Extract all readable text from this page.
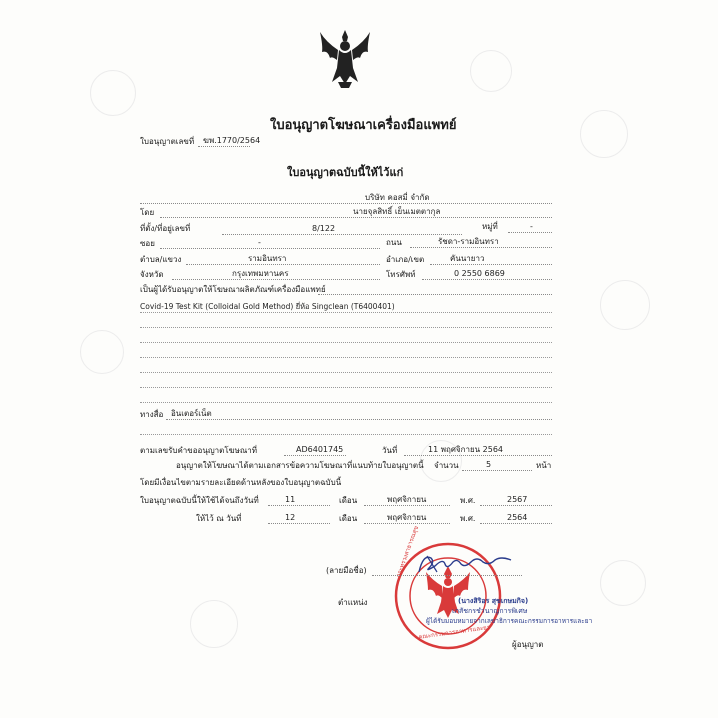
ใบอนุญาตโฆษณาเครื่องมือแพทย์
ใบอนุญาตเลขที่ ฆพ.1770/2564
ใบอนุญาตฉบับนี้ให้ไว้แก่
บริษัท คอสมี่ จำกัด
โดย	นายจุลสิทธิ์ เย็นเมตตากุล
ที่ตั้ง/ที่อยู่เลขที่	8/122	หมู่ที่	-
ซอย	-	ถนน	รัชดา-รามอินทรา
ตำบล/แขวง	รามอินทรา	อำเภอ/เขต	คันนายาว
จังหวัด	กรุงเทพมหานคร	โทรศัพท์	0 2550 6869
เป็นผู้ได้รับอนุญาตให้โฆษณาผลิตภัณฑ์เครื่องมือแพทย์
Covid-19 Test Kit (Colloidal Gold Method) ยี่ห้อ Singclean (T6400401)
ทางสื่อ อินเตอร์เน็ต
ตามเลขรับคำขออนุญาตโฆษณาที่	AD6401745	วันที่	11 พฤศจิกายน 2564
อนุญาตให้โฆษณาได้ตามเอกสารข้อความโฆษณาที่แนบท้ายใบอนุญาตนี้ จำนวน	5	หน้า
โดยมีเงื่อนไขตามรายละเอียดด้านหลังของใบอนุญาตฉบับนี้
ใบอนุญาตฉบับนี้ให้ใช้ได้จนถึงวันที่	11	เดือน	พฤศจิกายน	พ.ศ.	2567
ให้ไว้ ณ วันที่	12	เดือน	พฤศจิกายน	พ.ศ.	2564
กระทรวงสาธารณสุข
คณะกรรมการอาหารและยา
(ลายมือชื่อ)
ตำแหน่ง	(นางสิริอร สุขเกษมกิจ)
เภสัชกรชำนาญการพิเศษ
ผู้ได้รับมอบหมายจากเลขาธิการคณะกรรมการอาหารและยา
ผู้อนุญาต
